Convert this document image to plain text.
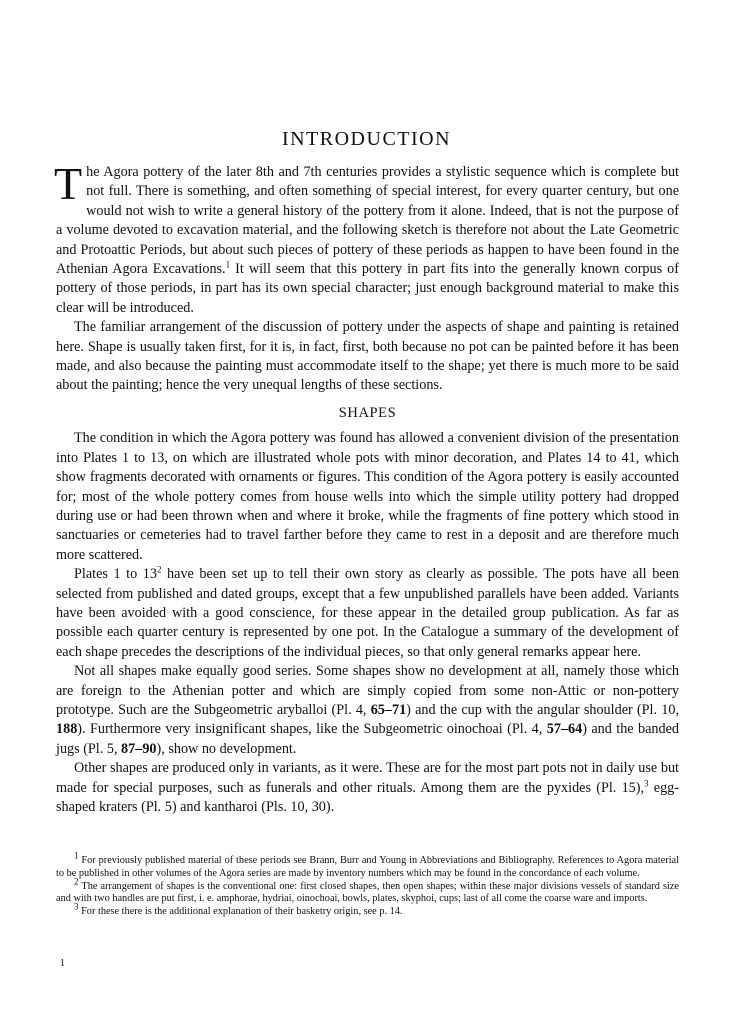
INTRODUCTION

The Agora pottery of the later 8th and 7th centuries provides a stylistic sequence which is complete but not full. There is something, and often something of special interest, for every quarter century, but one would not wish to write a general history of the pottery from it alone. Indeed, that is not the purpose of a volume devoted to excavation material, and the following sketch is therefore not about the Late Geometric and Protoattic Periods, but about such pieces of pottery of these periods as happen to have been found in the Athenian Agora Excavations.$^1$ It will seem that this pottery in part fits into the generally known corpus of pottery of those periods, in part has its own special character; just enough background material to make this clear will be introduced.

The familiar arrangement of the discussion of pottery under the aspects of shape and painting is retained here. Shape is usually taken first, for it is, in fact, first, both because no pot can be painted before it has been made, and also because the painting must accommodate itself to the shape; yet there is much more to be said about the painting; hence the very unequal lengths of these sections.

SHAPES

The condition in which the Agora pottery was found has allowed a convenient division of the presentation into Plates 1 to 13, on which are illustrated whole pots with minor decoration, and Plates 14 to 41, which show fragments decorated with ornaments or figures. This condition of the Agora pottery is easily accounted for; most of the whole pottery comes from house wells into which the simple utility pottery had dropped during use or had been thrown when and where it broke, while the fragments of fine pottery which stood in sanctuaries or cemeteries had to travel farther before they came to rest in a deposit and are therefore much more scattered.

Plates 1 to $13^2$ have been set up to tell their own story as clearly as possible. The pots have all been selected from published and dated groups, except that a few unpublished parallels have been added. Variants have been avoided with a good conscience, for these appear in the detailed group publication. As far as possible each quarter century is represented by one pot. In the Catalogue a summary of the development of each shape precedes the descriptions of the individual pieces, so that only general remarks appear here.

Not all shapes make equally good series. Some shapes show no development at all, namely those which are foreign to the Athenian potter and which are simply copied from some non-Attic or non-pottery prototype. Such are the Subgeometric aryballoi (Pl. 4, 65–71) and the cup with the angular shoulder (Pl. 10, 188). Furthermore very insignificant shapes, like the Subgeometric oinochoai (Pl. 4, 57–64) and the banded jugs (Pl. 5, 87–90), show no development.

Other shapes are produced only in variants, as it were. These are for the most part pots not in daily use but made for special purposes, such as funerals and other rituals. Among them are the pyxides (Pl. 15),$^3$ egg-shaped kraters (Pl. 5) and kantharoi (Pls. 10, 30).

$^1$ For previously published material of these periods see Brann, Burr and Young in Abbreviations and Bibliography. References to Agora material to be published in other volumes of the Agora series are made by inventory numbers which may be found in the concordance of each volume.

$^2$ The arrangement of shapes is the conventional one: first closed shapes, then open shapes; within these major divisions vessels of standard size and with two handles are put first, i. e. amphorae, hydriai, oinochoai, bowls, plates, skyphoi, cups; last of all come the coarse ware and imports.

$^3$ For these there is the additional explanation of their basketry origin, see p. 14.

1
